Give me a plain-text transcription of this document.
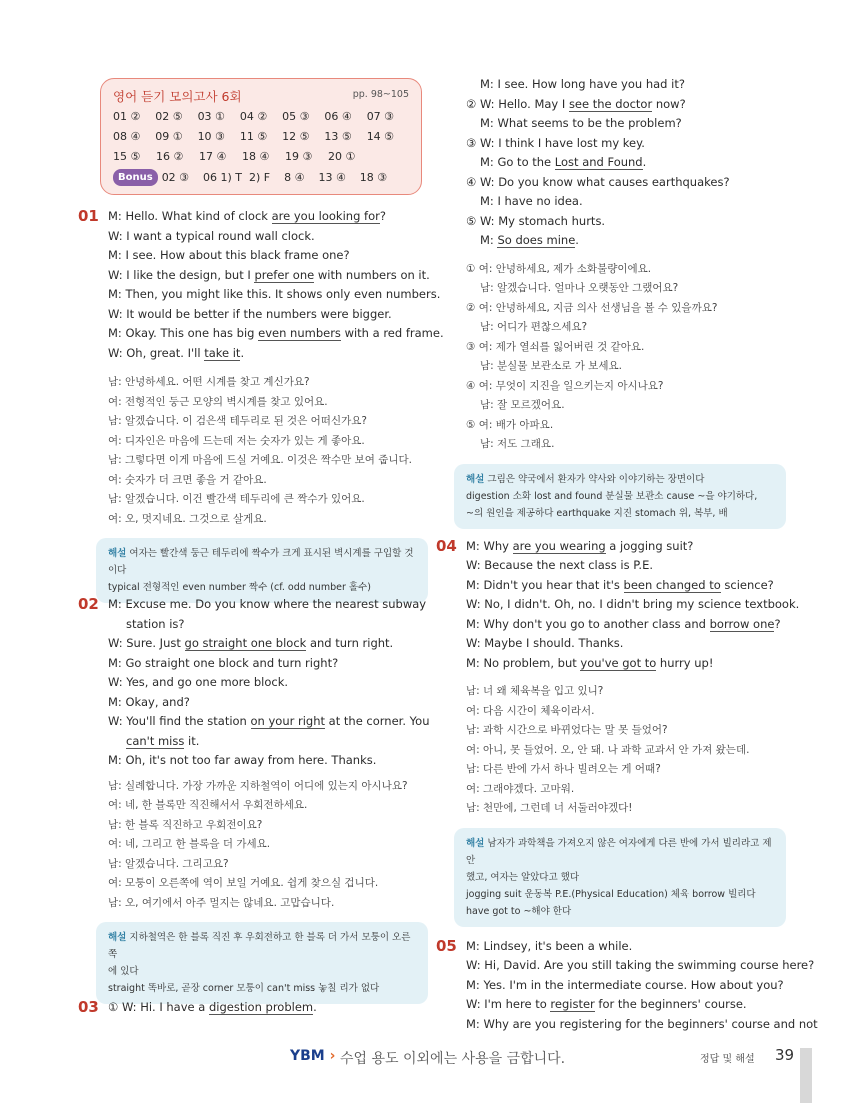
영어 듣기 모의고사 6회	pp. 98~105
01 ②	02 ⑤	03 ①	04 ②	05 ③	06 ④	07 ③
08 ④	09 ①	10 ③	11 ⑤	12 ⑤	13 ⑤	14 ⑤
15 ⑤	16 ②	17 ④	18 ④	19 ③	20 ①
Bonus 02 ③    06 1) T  2) F    8 ④    13 ④    18 ③
01 M: Hello. What kind of clock are you looking for?
W: I want a typical round wall clock.
M: I see. How about this black frame one?
W: I like the design, but I prefer one with numbers on it.
M: Then, you might like this. It shows only even numbers.
W: It would be better if the numbers were bigger.
M: Okay. This one has big even numbers with a red frame.
W: Oh, great. I'll take it.
남: 안녕하세요. 어떤 시계를 찾고 계신가요?
여: 전형적인 둥근 모양의 벽시계를 찾고 있어요.
남: 알겠습니다. 이 검은색 테두리로 된 것은 어떠신가요?
여: 디자인은 마음에 드는데 저는 숫자가 있는 게 좋아요.
남: 그렇다면 이게 마음에 드실 거예요. 이것은 짝수만 보여 줍니다.
여: 숫자가 더 크면 좋을 거 같아요.
남: 알겠습니다. 이건 빨간색 테두리에 큰 짝수가 있어요.
여: 오, 멋지네요. 그것으로 살게요.
해설 여자는 빨간색 둥근 테두리에 짝수가 크게 표시된 벽시계를 구입할 것이다
typical 전형적인 even number 짝수 (cf. odd number 홀수)
02 M: Excuse me. Do you know where the nearest subway
station is?
W: Sure. Just go straight one block and turn right.
M: Go straight one block and turn right?
W: Yes, and go one more block.
M: Okay, and?
W: You'll find the station on your right at the corner. You
can't miss it.
M: Oh, it's not too far away from here. Thanks.
남: 실례합니다. 가장 가까운 지하철역이 어디에 있는지 아시나요?
여: 네, 한 블록만 직진해서서 우회전하세요.
남: 한 블록 직진하고 우회전이요?
여: 네, 그리고 한 블록을 더 가세요.
남: 알겠습니다. 그리고요?
여: 모퉁이 오른쪽에 역이 보일 거예요. 쉽게 찾으실 겁니다.
남: 오, 여기에서 아주 멀지는 않네요. 고맙습니다.
해설 지하철역은 한 블록 직진 후 우회전하고 한 블록 더 가서 모퉁이 오른쪽
에 있다
straight 똑바로, 곧장 corner 모퉁이 can't miss 놓칠 리가 없다
03 ① W: Hi. I have a digestion problem.
M: I see. How long have you had it?
② W: Hello. May I see the doctor now?
M: What seems to be the problem?
③ W: I think I have lost my key.
M: Go to the Lost and Found.
④ W: Do you know what causes earthquakes?
M: I have no idea.
⑤ W: My stomach hurts.
M: So does mine.
① 여: 안녕하세요, 제가 소화불량이에요.
남: 알겠습니다. 얼마나 오랫동안 그랬어요?
② 여: 안녕하세요, 지금 의사 선생님을 볼 수 있을까요?
남: 어디가 편찮으세요?
③ 여: 제가 열쇠를 잃어버린 것 같아요.
남: 분실물 보관소로 가 보세요.
④ 여: 무엇이 지진을 일으키는지 아시나요?
남: 잘 모르겠어요.
⑤ 여: 배가 아파요.
남: 저도 그래요.
해설 그림은 약국에서 환자가 약사와 이야기하는 장면이다
digestion 소화 lost and found 분실물 보관소 cause ~을 야기하다,
~의 원인을 제공하다 earthquake 지진 stomach 위, 복부, 배
04 M: Why are you wearing a jogging suit?
W: Because the next class is P.E.
M: Didn't you hear that it's been changed to science?
W: No, I didn't. Oh, no. I didn't bring my science textbook.
M: Why don't you go to another class and borrow one?
W: Maybe I should. Thanks.
M: No problem, but you've got to hurry up!
남: 너 왜 체육복을 입고 있니?
여: 다음 시간이 체육이라서.
남: 과학 시간으로 바뀌었다는 말 못 들었어?
여: 아니, 못 들었어. 오, 안 돼. 나 과학 교과서 안 가져 왔는데.
남: 다른 반에 가서 하나 빌려오는 게 어때?
여: 그래야겠다. 고마워.
남: 천만에, 그런데 너 서둘러야겠다!
해설 남자가 과학책을 가져오지 않은 여자에게 다른 반에 가서 빌리라고 제안
했고, 여자는 알았다고 했다
jogging suit 운동복 P.E.(Physical Education) 체육 borrow 빌리다
have got to ~해야 한다
05 M: Lindsey, it's been a while.
W: Hi, David. Are you still taking the swimming course here?
M: Yes. I'm in the intermediate course. How about you?
W: I'm here to register for the beginners' course.
M: Why are you registering for the beginners' course and not
YBM › 수업 용도 이외에는 사용을 금합니다.	정답 및 해설 39
